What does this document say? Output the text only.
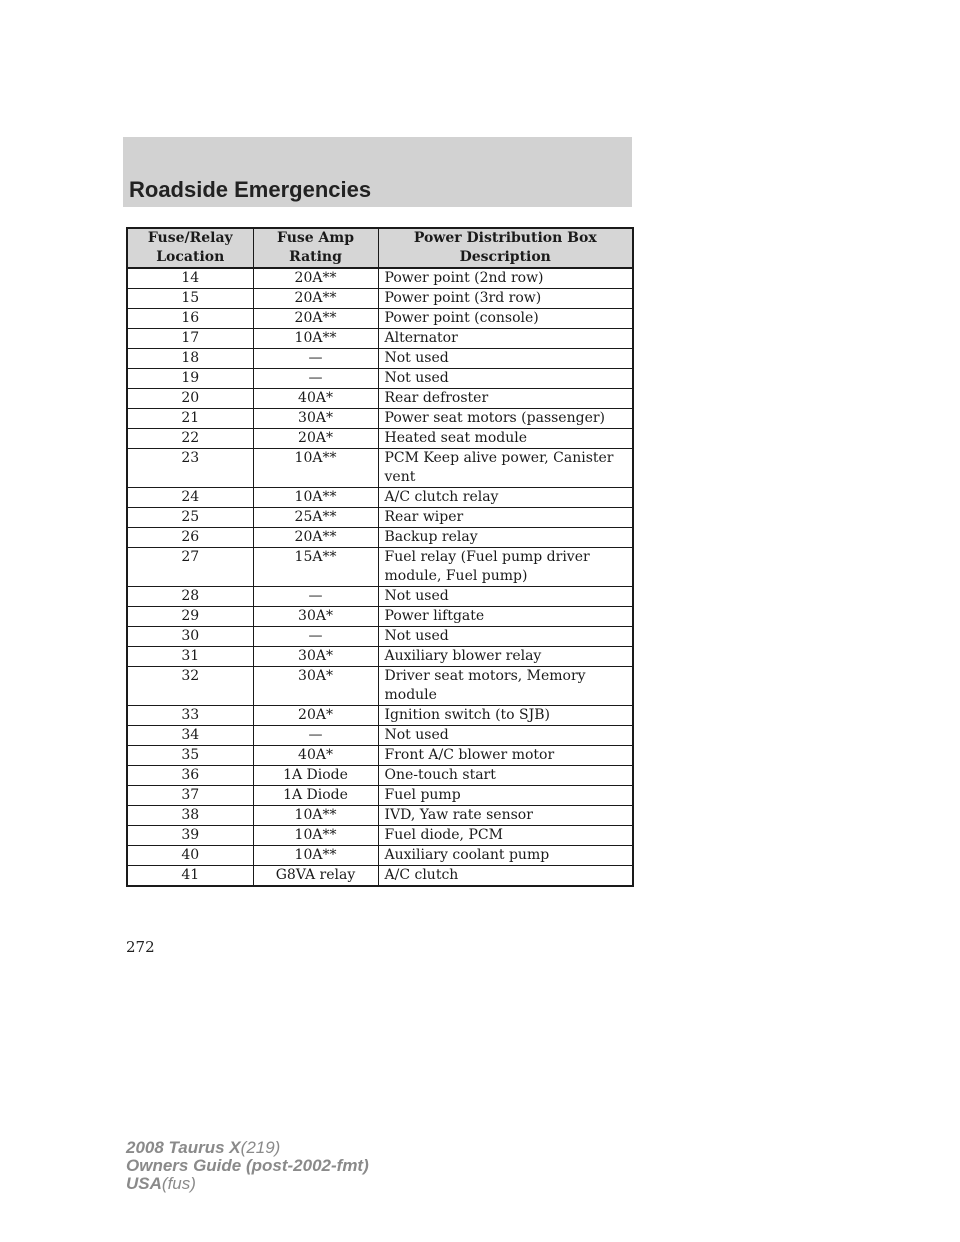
Roadside Emergencies
Fuse/Relay Location	Fuse Amp Rating	Power Distribution Box Description
14	20A**	Power point (2nd row)
15	20A**	Power point (3rd row)
16	20A**	Power point (console)
17	10A**	Alternator
18	—	Not used
19	—	Not used
20	40A*	Rear defroster
21	30A*	Power seat motors (passenger)
22	20A*	Heated seat module
23	10A**	PCM Keep alive power, Canister vent
24	10A**	A/C clutch relay
25	25A**	Rear wiper
26	20A**	Backup relay
27	15A**	Fuel relay (Fuel pump driver module, Fuel pump)
28	—	Not used
29	30A*	Power liftgate
30	—	Not used
31	30A*	Auxiliary blower relay
32	30A*	Driver seat motors, Memory module
33	20A*	Ignition switch (to SJB)
34	—	Not used
35	40A*	Front A/C blower motor
36	1A Diode	One-touch start
37	1A Diode	Fuel pump
38	10A**	IVD, Yaw rate sensor
39	10A**	Fuel diode, PCM
40	10A**	Auxiliary coolant pump
41	G8VA relay	A/C clutch
272
2008 Taurus X(219)
Owners Guide (post-2002-fmt)
USA(fus)
